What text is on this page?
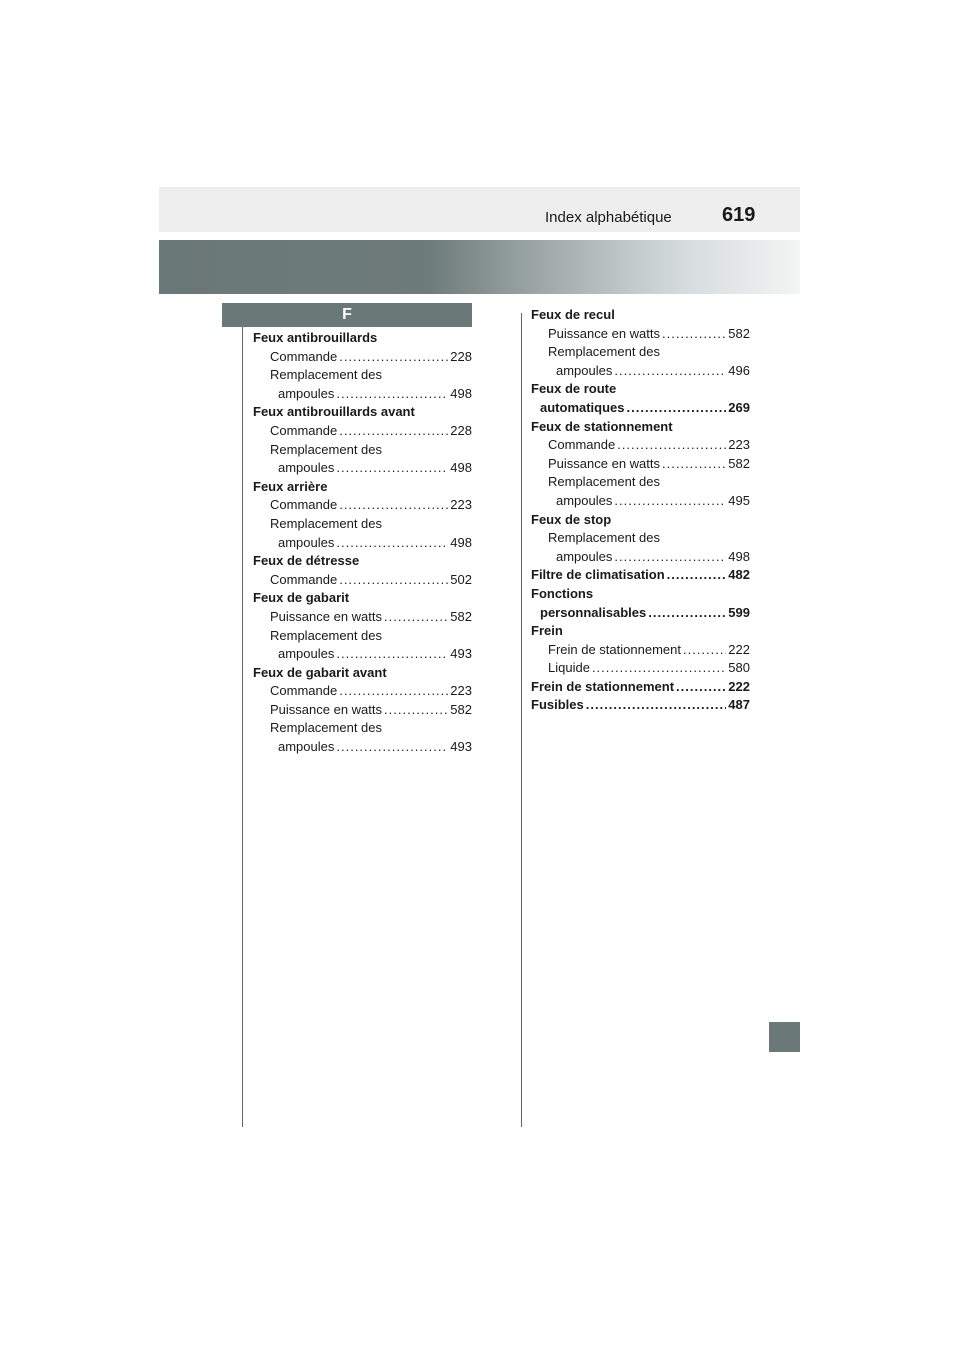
Index alphabétique	619
F
Feux antibrouillards
Commande .....	228
Remplacement des
ampoules .....	498
Feux antibrouillards avant
Commande .....	228
Remplacement des
ampoules .....	498
Feux arrière
Commande .....	223
Remplacement des
ampoules .....	498
Feux de détresse
Commande .....	502
Feux de gabarit
Puissance en watts .....	582
Remplacement des
ampoules .....	493
Feux de gabarit avant
Commande .....	223
Puissance en watts .....	582
Remplacement des
ampoules .....	493
Feux de recul
Puissance en watts .....	582
Remplacement des
ampoules .....	496
Feux de route
automatiques .....	269
Feux de stationnement
Commande .....	223
Puissance en watts .....	582
Remplacement des
ampoules .....	495
Feux de stop
Remplacement des
ampoules .....	498
Filtre de climatisation .....	482
Fonctions
personnalisables .....	599
Frein
Frein de stationnement .....	222
Liquide .....	580
Frein de stationnement .....	222
Fusibles .....	487
